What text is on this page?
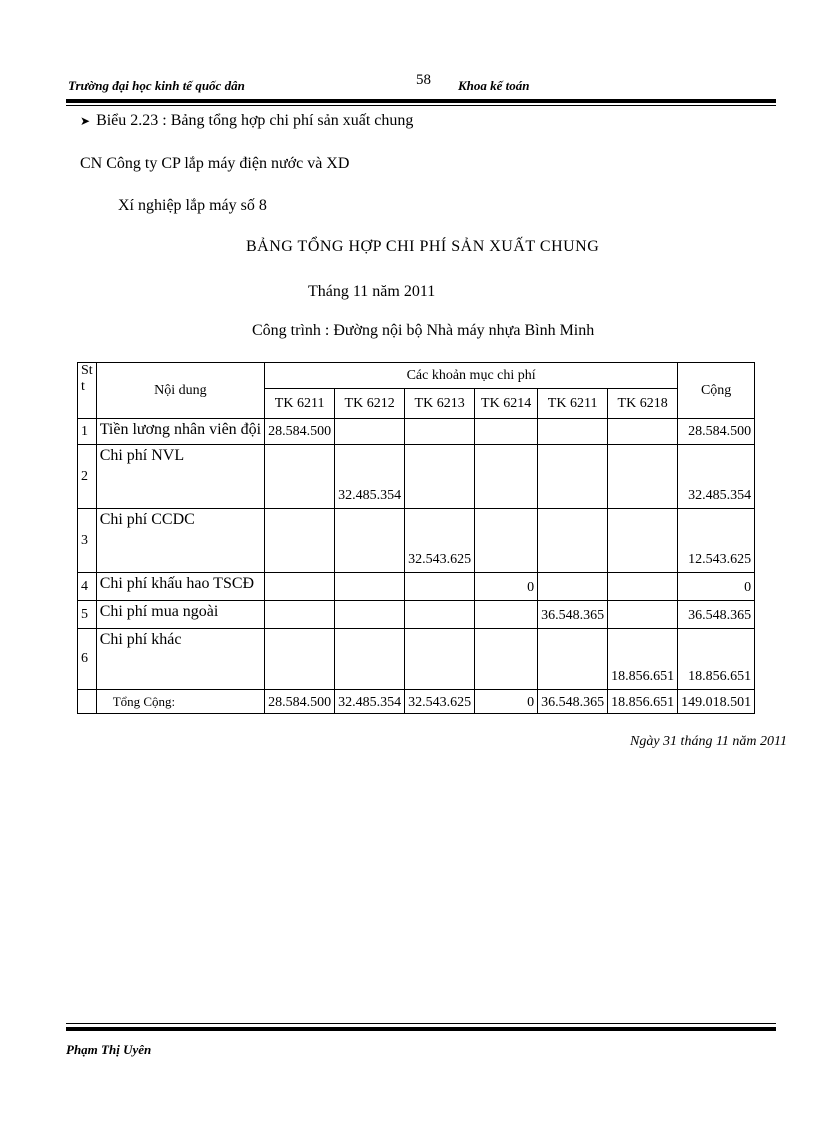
Trường đại học kinh tế quốc dân	58 Khoa kế toán
➤ Biểu 2.23 : Bảng tổng hợp chi phí sản xuất chung
CN Công ty CP lắp máy điện nước và XD
Xí nghiệp lắp máy số 8
BẢNG TỔNG HỢP CHI PHÍ SẢN XUẤT CHUNG
Tháng 11 năm 2011
Công trình : Đường nội bộ Nhà máy nhựa Bình Minh
St
t	Nội dung	Các khoản mục chi phí						Cộng
		TK 6211	TK 6212	TK 6213	TK 6214	TK 6211	TK 6218	
1	Tiền lương nhân viên đội	28.584.500						28.584.500
2	Chi phí NVL		32.485.354					32.485.354
3	Chi phí CCDC			32.543.625				12.543.625
4	Chi phí khấu hao TSCĐ				0			0
5	Chi phí mua ngoài					36.548.365		36.548.365
6	Chi phí khác						18.856.651	18.856.651
	Tổng Cộng:	28.584.500	32.485.354	32.543.625	0	36.548.365	18.856.651	149.018.501
Ngày 31 tháng 11 năm 2011
Phạm Thị Uyên
